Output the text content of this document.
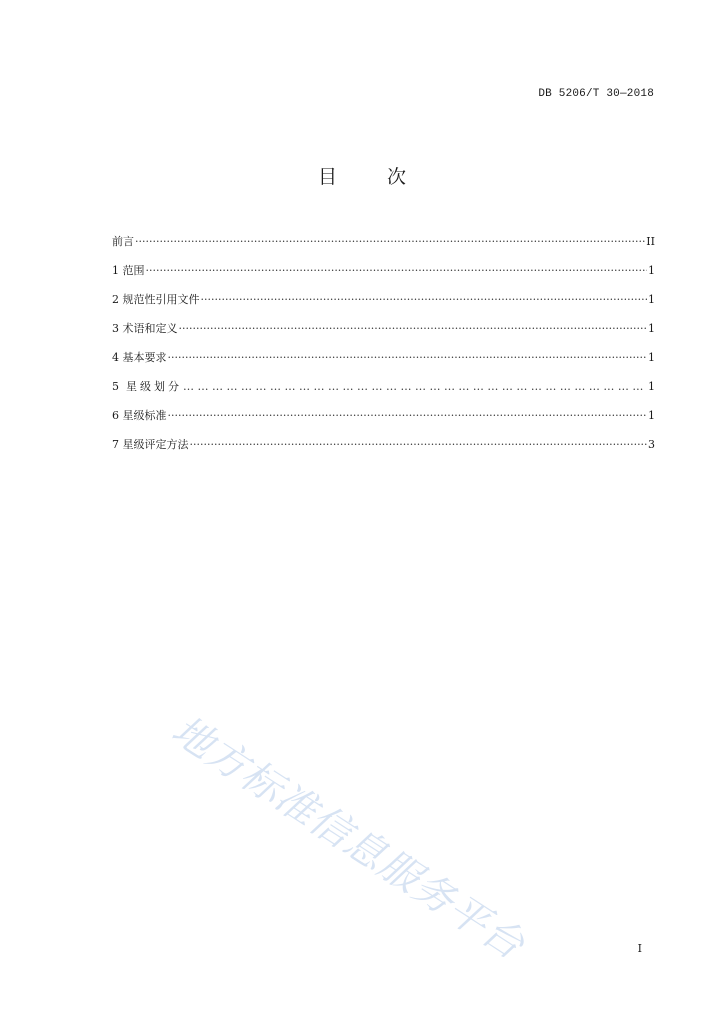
DB 5206/T 30—2018
目	次
前言 ·····	II
1 范围 ·····	1
2 规范性引用文件 ·····	1
3 术语和定义 ·····	1
4 基本要求 ·····	1
5 星级划分 … … … … … … … … … … … … … … … … … … … … … … … … … … … … … … … … … … … … … … … … … … … … … … … … … … … … … …	1
6 星级标准 ·····	1
7 星级评定方法 ·····	3
地方标准信息服务平台	I
